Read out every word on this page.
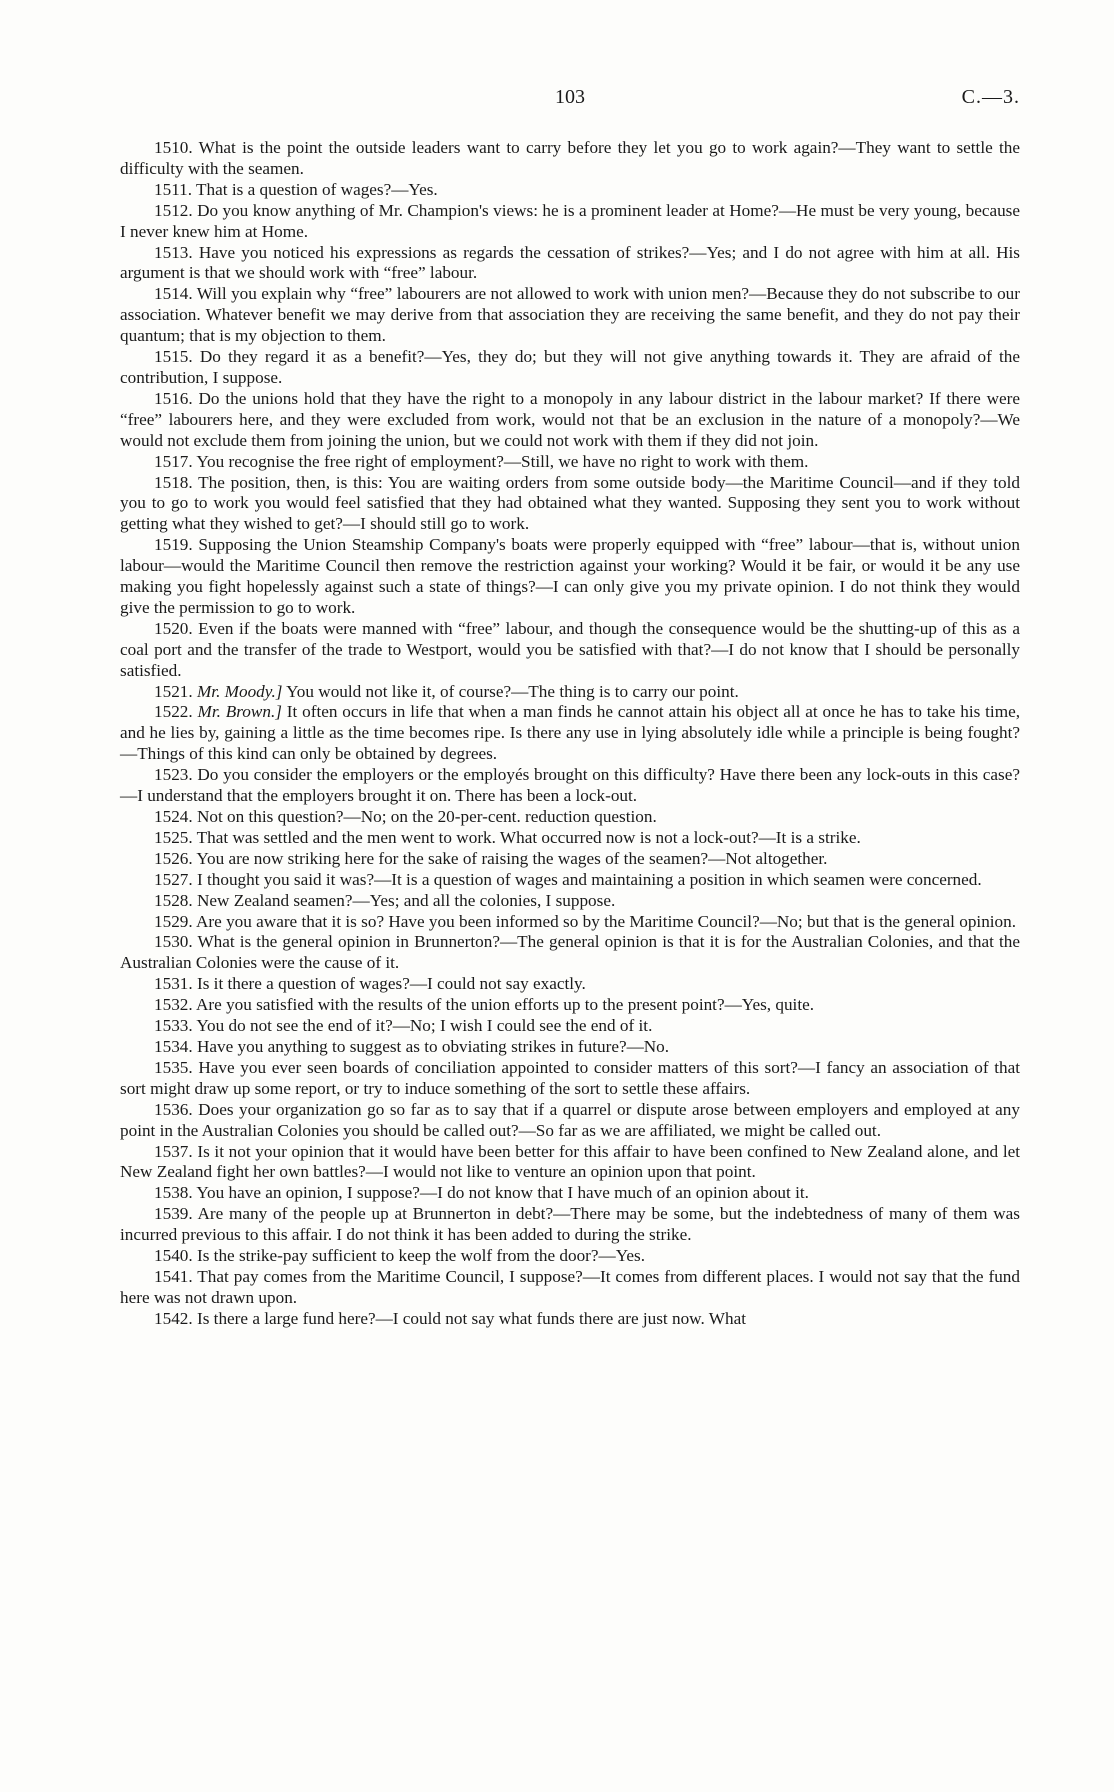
103	C.—3.

1510. What is the point the outside leaders want to carry before they let you go to work again?—They want to settle the difficulty with the seamen.

1511. That is a question of wages?—Yes.

1512. Do you know anything of Mr. Champion's views: he is a prominent leader at Home?—He must be very young, because I never knew him at Home.

1513. Have you noticed his expressions as regards the cessation of strikes?—Yes; and I do not agree with him at all. His argument is that we should work with “free” labour.

1514. Will you explain why “free” labourers are not allowed to work with union men?—Because they do not subscribe to our association. Whatever benefit we may derive from that association they are receiving the same benefit, and they do not pay their quantum; that is my objection to them.

1515. Do they regard it as a benefit?—Yes, they do; but they will not give anything towards it. They are afraid of the contribution, I suppose.

1516. Do the unions hold that they have the right to a monopoly in any labour district in the labour market? If there were “free” labourers here, and they were excluded from work, would not that be an exclusion in the nature of a monopoly?—We would not exclude them from joining the union, but we could not work with them if they did not join.

1517. You recognise the free right of employment?—Still, we have no right to work with them.

1518. The position, then, is this: You are waiting orders from some outside body—the Maritime Council—and if they told you to go to work you would feel satisfied that they had obtained what they wanted. Supposing they sent you to work without getting what they wished to get?—I should still go to work.

1519. Supposing the Union Steamship Company's boats were properly equipped with “free” labour—that is, without union labour—would the Maritime Council then remove the restriction against your working? Would it be fair, or would it be any use making you fight hopelessly against such a state of things?—I can only give you my private opinion. I do not think they would give the permission to go to work.

1520. Even if the boats were manned with “free” labour, and though the consequence would be the shutting-up of this as a coal port and the transfer of the trade to Westport, would you be satisfied with that?—I do not know that I should be personally satisfied.

1521. Mr. Moody.] You would not like it, of course?—The thing is to carry our point.

1522. Mr. Brown.] It often occurs in life that when a man finds he cannot attain his object all at once he has to take his time, and he lies by, gaining a little as the time becomes ripe. Is there any use in lying absolutely idle while a principle is being fought?—Things of this kind can only be obtained by degrees.

1523. Do you consider the employers or the employés brought on this difficulty? Have there been any lock-outs in this case?—I understand that the employers brought it on. There has been a lock-out.

1524. Not on this question?—No; on the 20-per-cent. reduction question.

1525. That was settled and the men went to work. What occurred now is not a lock-out?—It is a strike.

1526. You are now striking here for the sake of raising the wages of the seamen?—Not altogether.

1527. I thought you said it was?—It is a question of wages and maintaining a position in which seamen were concerned.

1528. New Zealand seamen?—Yes; and all the colonies, I suppose.

1529. Are you aware that it is so? Have you been informed so by the Maritime Council?—No; but that is the general opinion.

1530. What is the general opinion in Brunnerton?—The general opinion is that it is for the Australian Colonies, and that the Australian Colonies were the cause of it.

1531. Is it there a question of wages?—I could not say exactly.

1532. Are you satisfied with the results of the union efforts up to the present point?—Yes, quite.

1533. You do not see the end of it?—No; I wish I could see the end of it.

1534. Have you anything to suggest as to obviating strikes in future?—No.

1535. Have you ever seen boards of conciliation appointed to consider matters of this sort?—I fancy an association of that sort might draw up some report, or try to induce something of the sort to settle these affairs.

1536. Does your organization go so far as to say that if a quarrel or dispute arose between employers and employed at any point in the Australian Colonies you should be called out?—So far as we are affiliated, we might be called out.

1537. Is it not your opinion that it would have been better for this affair to have been confined to New Zealand alone, and let New Zealand fight her own battles?—I would not like to venture an opinion upon that point.

1538. You have an opinion, I suppose?—I do not know that I have much of an opinion about it.

1539. Are many of the people up at Brunnerton in debt?—There may be some, but the indebtedness of many of them was incurred previous to this affair. I do not think it has been added to during the strike.

1540. Is the strike-pay sufficient to keep the wolf from the door?—Yes.

1541. That pay comes from the Maritime Council, I suppose?—It comes from different places. I would not say that the fund here was not drawn upon.

1542. Is there a large fund here?—I could not say what funds there are just now. What
